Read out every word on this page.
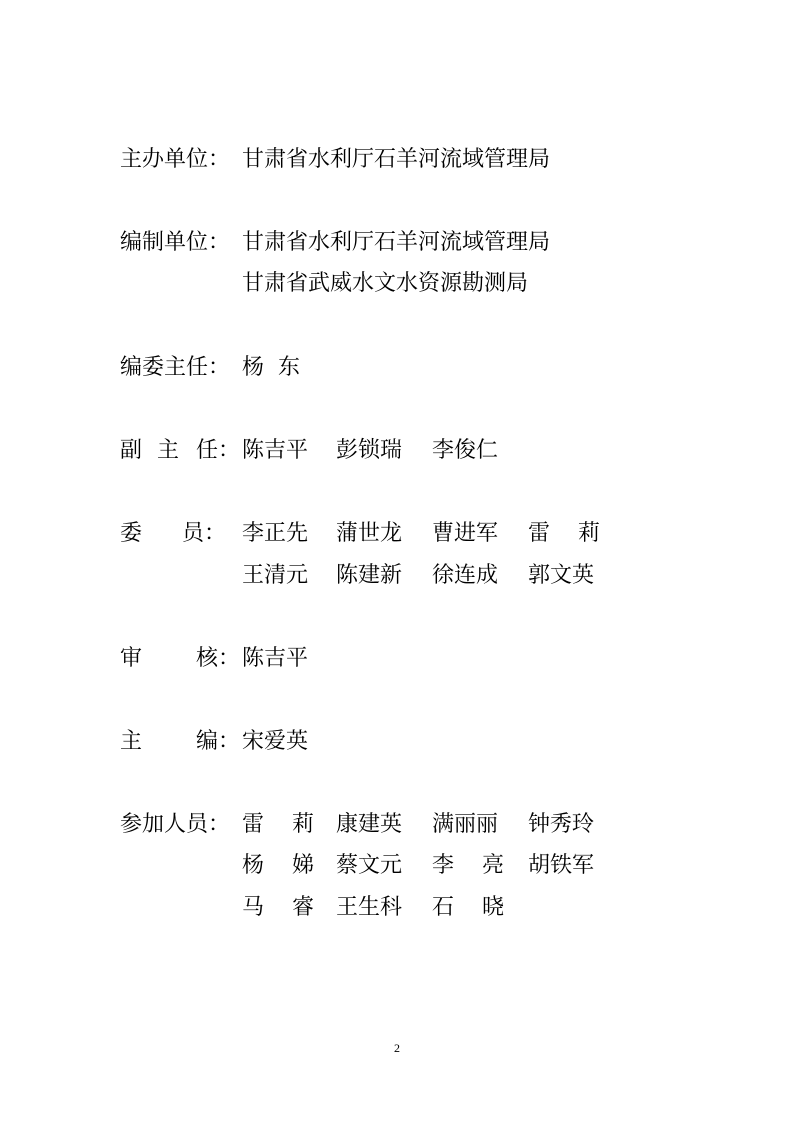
主办单位： 甘肃省水利厅石羊河流域管理局
编制单位： 甘肃省水利厅石羊河流域管理局
甘肃省武威水文水资源勘测局
编委主任： 杨  东
副 主 任： 陈吉平 彭锁瑞 李俊仁
委 员： 李正先 蒲世龙 曹进军 雷 莉
王清元 陈建新 徐连成 郭文英
审 核： 陈吉平
主 编： 宋爱英
参加人员： 雷 莉 康建英 满丽丽 钟秀玲
杨 娣 蔡文元 李 亮 胡铁军
马 睿 王生科 石 晓
2
